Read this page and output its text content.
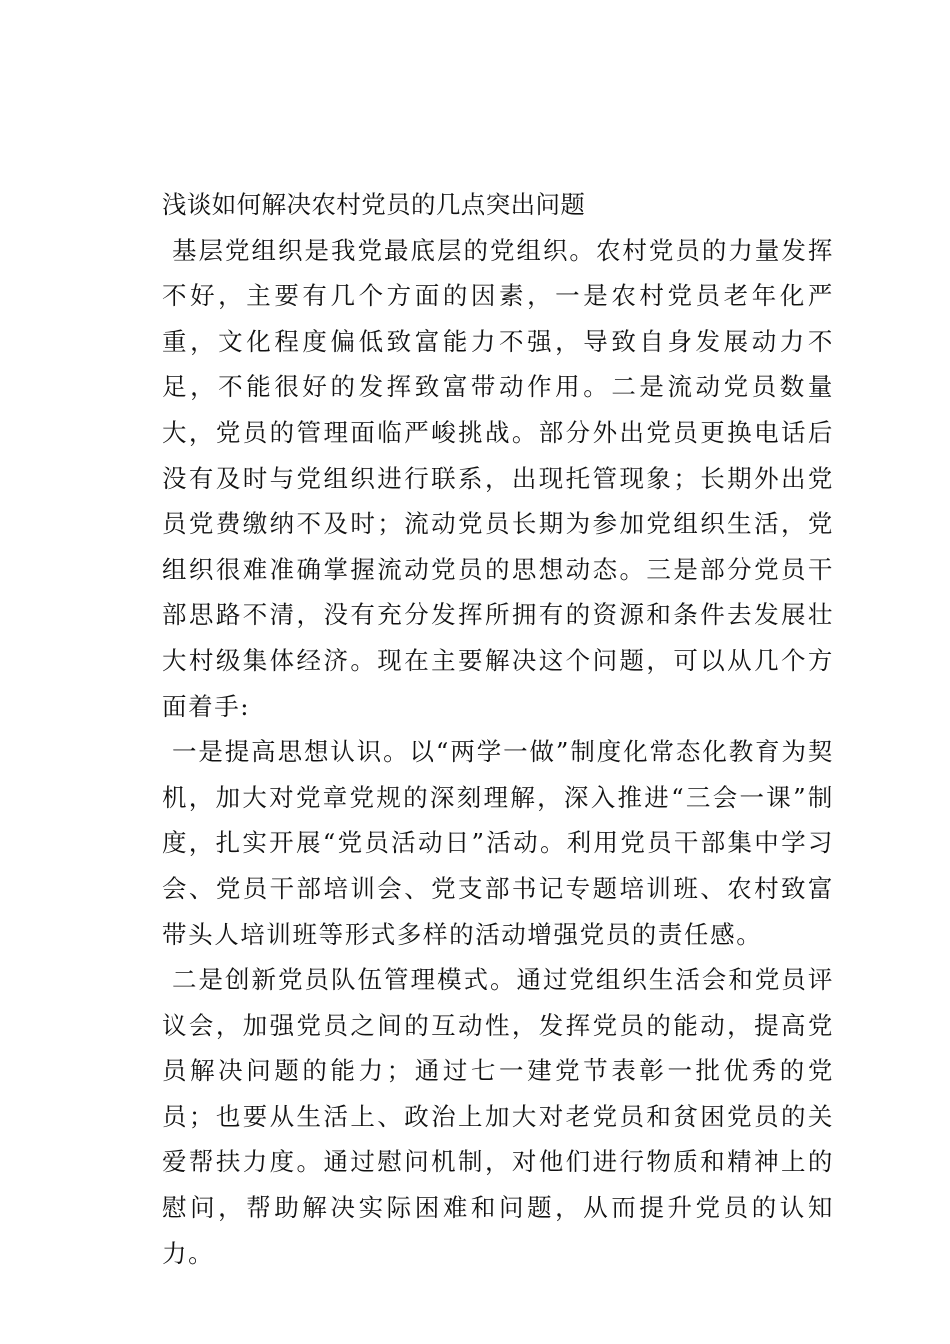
浅谈如何解决农村党员的几点突出问题

基层党组织是我党最底层的党组织。农村党员的力量发挥不好，主要有几个方面的因素，一是农村党员老年化严重，文化程度偏低致富能力不强，导致自身发展动力不足，不能很好的发挥致富带动作用。二是流动党员数量大，党员的管理面临严峻挑战。部分外出党员更换电话后没有及时与党组织进行联系，出现托管现象；长期外出党员党费缴纳不及时；流动党员长期为参加党组织生活，党组织很难准确掌握流动党员的思想动态。三是部分党员干部思路不清，没有充分发挥所拥有的资源和条件去发展壮大村级集体经济。现在主要解决这个问题，可以从几个方面着手:

一是提高思想认识。以“两学一做”制度化常态化教育为契机，加大对党章党规的深刻理解，深入推进“三会一课”制度，扎实开展“党员活动日”活动。利用党员干部集中学习会、党员干部培训会、党支部书记专题培训班、农村致富带头人培训班等形式多样的活动增强党员的责任感。

二是创新党员队伍管理模式。通过党组织生活会和党员评议会，加强党员之间的互动性，发挥党员的能动，提高党员解决问题的能力；通过七一建党节表彰一批优秀的党员；也要从生活上、政治上加大对老党员和贫困党员的关爱帮扶力度。通过慰问机制，对他们进行物质和精神上的慰问，帮助解决实际困难和问题，从而提升党员的认知力。
